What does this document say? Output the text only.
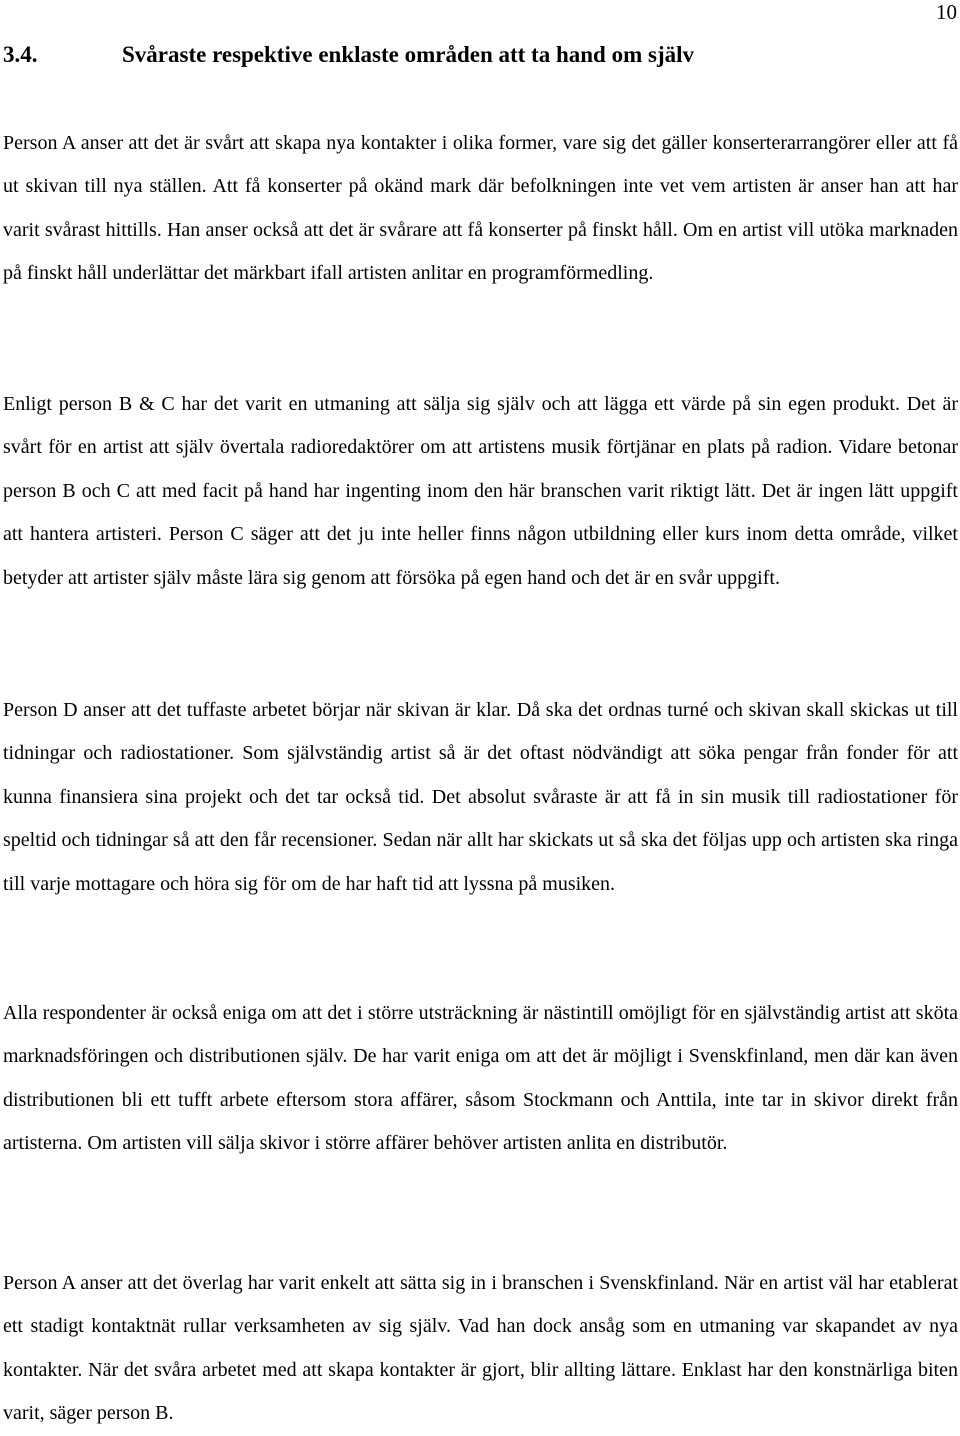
10
3.4.	Svåraste respektive enklaste områden att ta hand om själv

Person A anser att det är svårt att skapa nya kontakter i olika former, vare sig det gäller konserterarrangörer eller att få ut skivan till nya ställen. Att få konserter på okänd mark där befolkningen inte vet vem artisten är anser han att har varit svårast hittills. Han anser också att det är svårare att få konserter på finskt håll. Om en artist vill utöka marknaden på finskt håll underlättar det märkbart ifall artisten anlitar en programförmedling.

Enligt person B & C har det varit en utmaning att sälja sig själv och att lägga ett värde på sin egen produkt. Det är svårt för en artist att själv övertala radioredaktörer om att artistens musik förtjänar en plats på radion. Vidare betonar person B och C att med facit på hand har ingenting inom den här branschen varit riktigt lätt. Det är ingen lätt uppgift att hantera artisteri. Person C säger att det ju inte heller finns någon utbildning eller kurs inom detta område, vilket betyder att artister själv måste lära sig genom att försöka på egen hand och det är en svår uppgift.

Person D anser att det tuffaste arbetet börjar när skivan är klar. Då ska det ordnas turné och skivan skall skickas ut till tidningar och radiostationer. Som självständig artist så är det oftast nödvändigt att söka pengar från fonder för att kunna finansiera sina projekt och det tar också tid. Det absolut svåraste är att få in sin musik till radiostationer för speltid och tidningar så att den får recensioner. Sedan när allt har skickats ut så ska det följas upp och artisten ska ringa till varje mottagare och höra sig för om de har haft tid att lyssna på musiken.

Alla respondenter är också eniga om att det i större utsträckning är nästintill omöjligt för en självständig artist att sköta marknadsföringen och distributionen själv. De har varit eniga om att det är möjligt i Svenskfinland, men där kan även distributionen bli ett tufft arbete eftersom stora affärer, såsom Stockmann och Anttila, inte tar in skivor direkt från artisterna. Om artisten vill sälja skivor i större affärer behöver artisten anlita en distributör.

Person A anser att det överlag har varit enkelt att sätta sig in i branschen i Svenskfinland. När en artist väl har etablerat ett stadigt kontaktnät rullar verksamheten av sig själv. Vad han dock ansåg som en utmaning var skapandet av nya kontakter. När det svåra arbetet med att skapa kontakter är gjort, blir allting lättare. Enklast har den konstnärliga biten varit, säger person B.
